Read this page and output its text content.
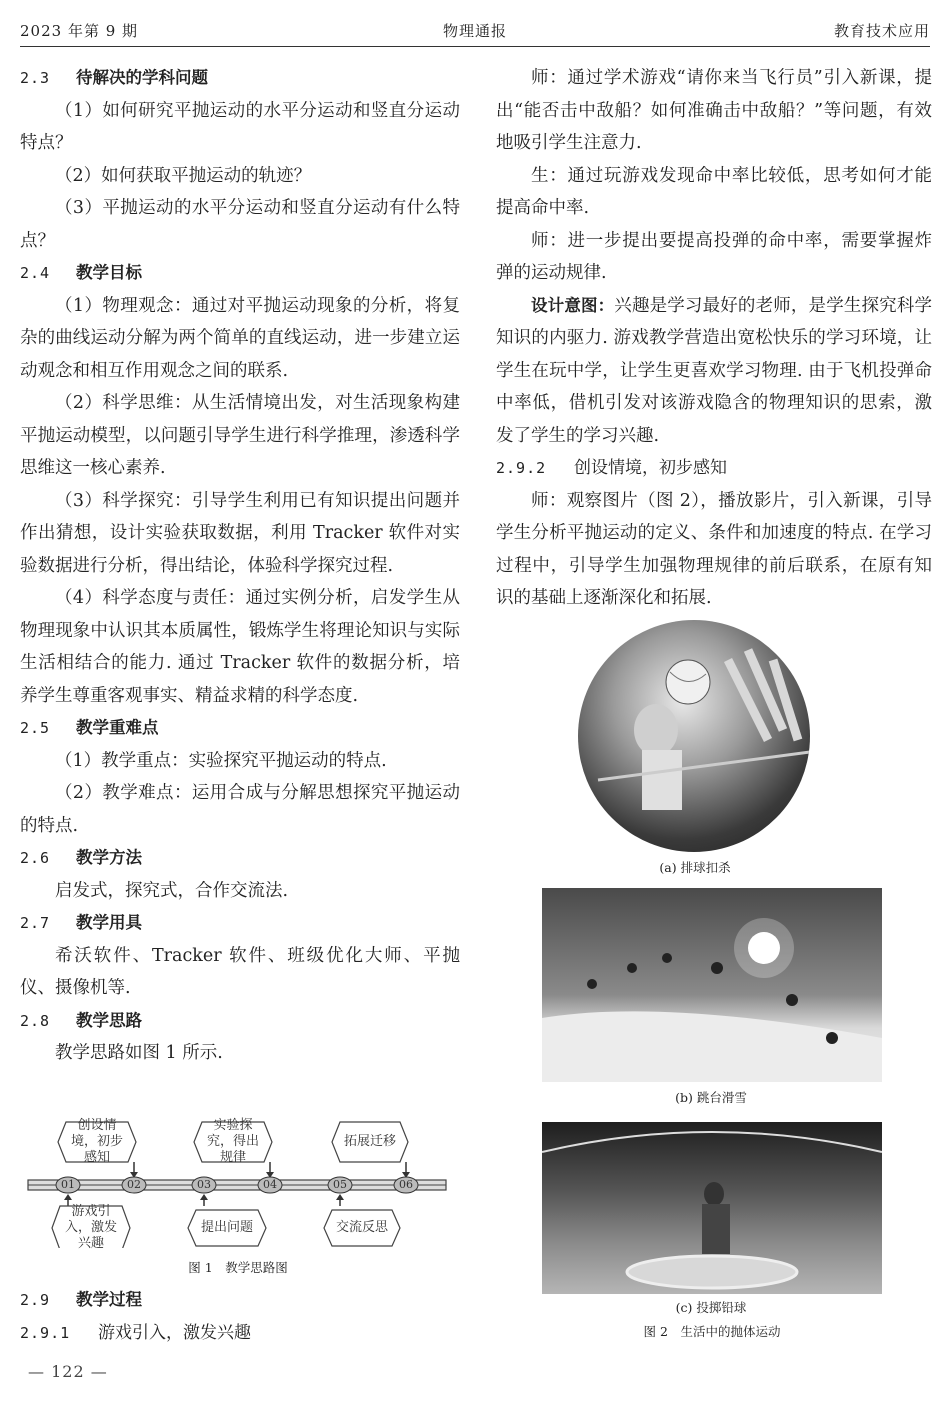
2023 年第 9 期	物理通报	教育技术应用
2.3	待解决的学科问题

（1）如何研究平抛运动的水平分运动和竖直分运动特点？

（2）如何获取平抛运动的轨迹？

（3）平抛运动的水平分运动和竖直分运动有什么特点？

2.4	教学目标

（1）物理观念：通过对平抛运动现象的分析，将复杂的曲线运动分解为两个简单的直线运动，进一步建立运动观念和相互作用观念之间的联系.

（2）科学思维：从生活情境出发，对生活现象构建平抛运动模型，以问题引导学生进行科学推理，渗透科学思维这一核心素养.

（3）科学探究：引导学生利用已有知识提出问题并作出猜想，设计实验获取数据，利用 Tracker 软件对实验数据进行分析，得出结论，体验科学探究过程.

（4）科学态度与责任：通过实例分析，启发学生从物理现象中认识其本质属性，锻炼学生将理论知识与实际生活相结合的能力. 通过 Tracker 软件的数据分析，培养学生尊重客观事实、精益求精的科学态度.

2.5	教学重难点

（1）教学重点：实验探究平抛运动的特点.

（2）教学难点：运用合成与分解思想探究平抛运动的特点.

2.6	教学方法

启发式，探究式，合作交流法.

2.7	教学用具

希沃软件、Tracker 软件、班级优化大师、平抛仪、摄像机等.

2.8	教学思路

教学思路如图 1 所示.

01	02	03	04	05	06
创设情境，初步感知
实验探究，得出规律
拓展迁移
游戏引入，激发兴趣
提出问题	交流反思
图 1　教学思路图
2.9	教学过程
2.9.1	游戏引入，激发兴趣

师：通过学术游戏“请你来当飞行员”引入新课，提出“能否击中敌船？如何准确击中敌船？”等问题，有效地吸引学生注意力.

生：通过玩游戏发现命中率比较低，思考如何才能提高命中率.

师：进一步提出要提高投弹的命中率，需要掌握炸弹的运动规律.

设计意图：兴趣是学习最好的老师，是学生探究科学知识的内驱力. 游戏教学营造出宽松快乐的学习环境，让学生在玩中学，让学生更喜欢学习物理. 由于飞机投弹命中率低，借机引发对该游戏隐含的物理知识的思索，激发了学生的学习兴趣.

2.9.2	创设情境，初步感知

师：观察图片（图 2），播放影片，引入新课，引导学生分析平抛运动的定义、条件和加速度的特点. 在学习过程中，引导学生加强物理规律的前后联系，在原有知识的基础上逐渐深化和拓展.

(a) 排球扣杀
(b) 跳台滑雪
(c) 投掷铅球
图 2　生活中的抛体运动
— 122 —
